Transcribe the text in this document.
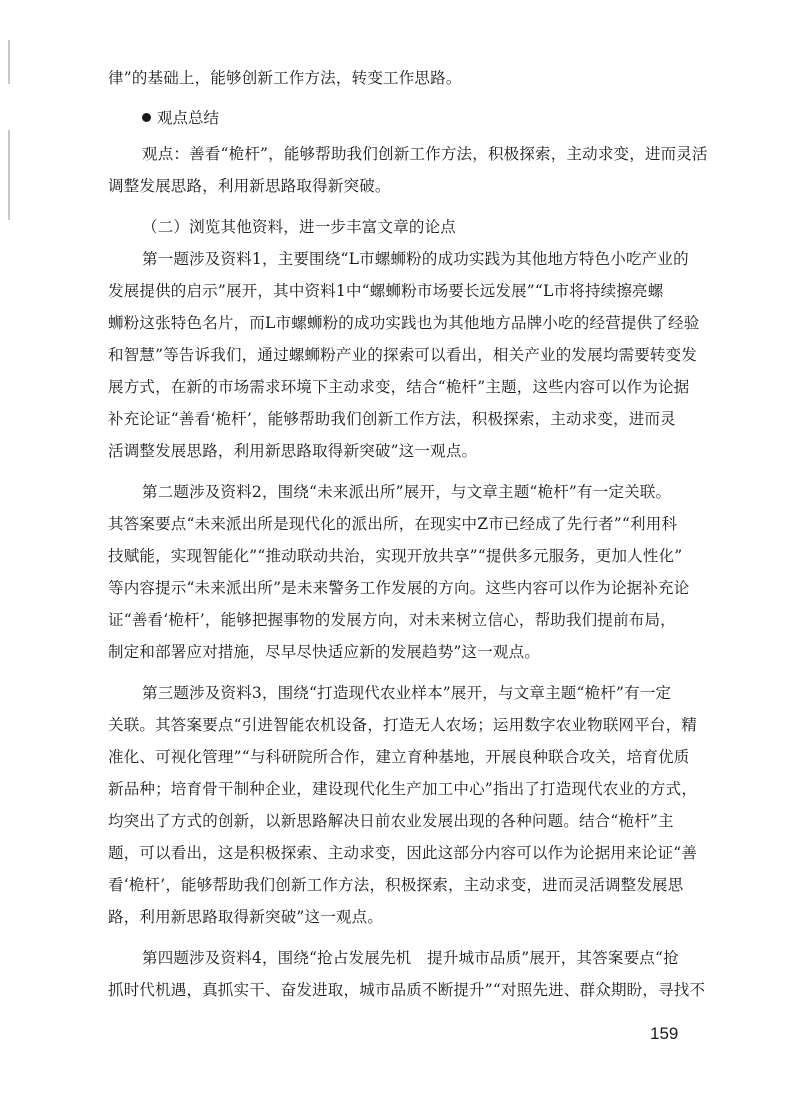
律”的基础上，能够创新工作方法，转变工作思路。

观点总结

观点：善看“桅杆”，能够帮助我们创新工作方法，积极探索，主动求变，进而灵活

调整发展思路，利用新思路取得新突破。

（二）浏览其他资料，进一步丰富文章的论点

第一题涉及资料1，主要围绕“L市螺蛳粉的成功实践为其他地方特色小吃产业的

发展提供的启示”展开，其中资料1中“螺蛳粉市场要长远发展”“L市将持续擦亮螺

蛳粉这张特色名片，而L市螺蛳粉的成功实践也为其他地方品牌小吃的经营提供了经验

和智慧”等告诉我们，通过螺蛳粉产业的探索可以看出，相关产业的发展均需要转变发

展方式，在新的市场需求环境下主动求变，结合“桅杆”主题，这些内容可以作为论据

补充论证“善看‘桅杆’，能够帮助我们创新工作方法，积极探索，主动求变，进而灵

活调整发展思路，利用新思路取得新突破”这一观点。

第二题涉及资料2，围绕“未来派出所”展开，与文章主题“桅杆”有一定关联。

其答案要点“未来派出所是现代化的派出所，在现实中Z市已经成了先行者”“利用科

技赋能，实现智能化”“推动联动共治，实现开放共享”“提供多元服务，更加人性化”

等内容提示“未来派出所”是未来警务工作发展的方向。这些内容可以作为论据补充论

证“善看‘桅杆’，能够把握事物的发展方向，对未来树立信心，帮助我们提前布局，

制定和部署应对措施，尽早尽快适应新的发展趋势”这一观点。

第三题涉及资料3，围绕“打造现代农业样本”展开，与文章主题“桅杆”有一定

关联。其答案要点“引进智能农机设备，打造无人农场；运用数字农业物联网平台，精

准化、可视化管理”“与科研院所合作，建立育种基地，开展良种联合攻关，培育优质

新品种；培育骨干制种企业，建设现代化生产加工中心”指出了打造现代农业的方式，

均突出了方式的创新，以新思路解决日前农业发展出现的各种问题。结合“桅杆”主

题，可以看出，这是积极探索、主动求变，因此这部分内容可以作为论据用来论证“善

看‘桅杆’，能够帮助我们创新工作方法，积极探索，主动求变，进而灵活调整发展思

路，利用新思路取得新突破”这一观点。

第四题涉及资料4，围绕“抢占发展先机　提升城市品质”展开，其答案要点“抢

抓时代机遇，真抓实干、奋发进取，城市品质不断提升”“对照先进、群众期盼，寻找不

159
